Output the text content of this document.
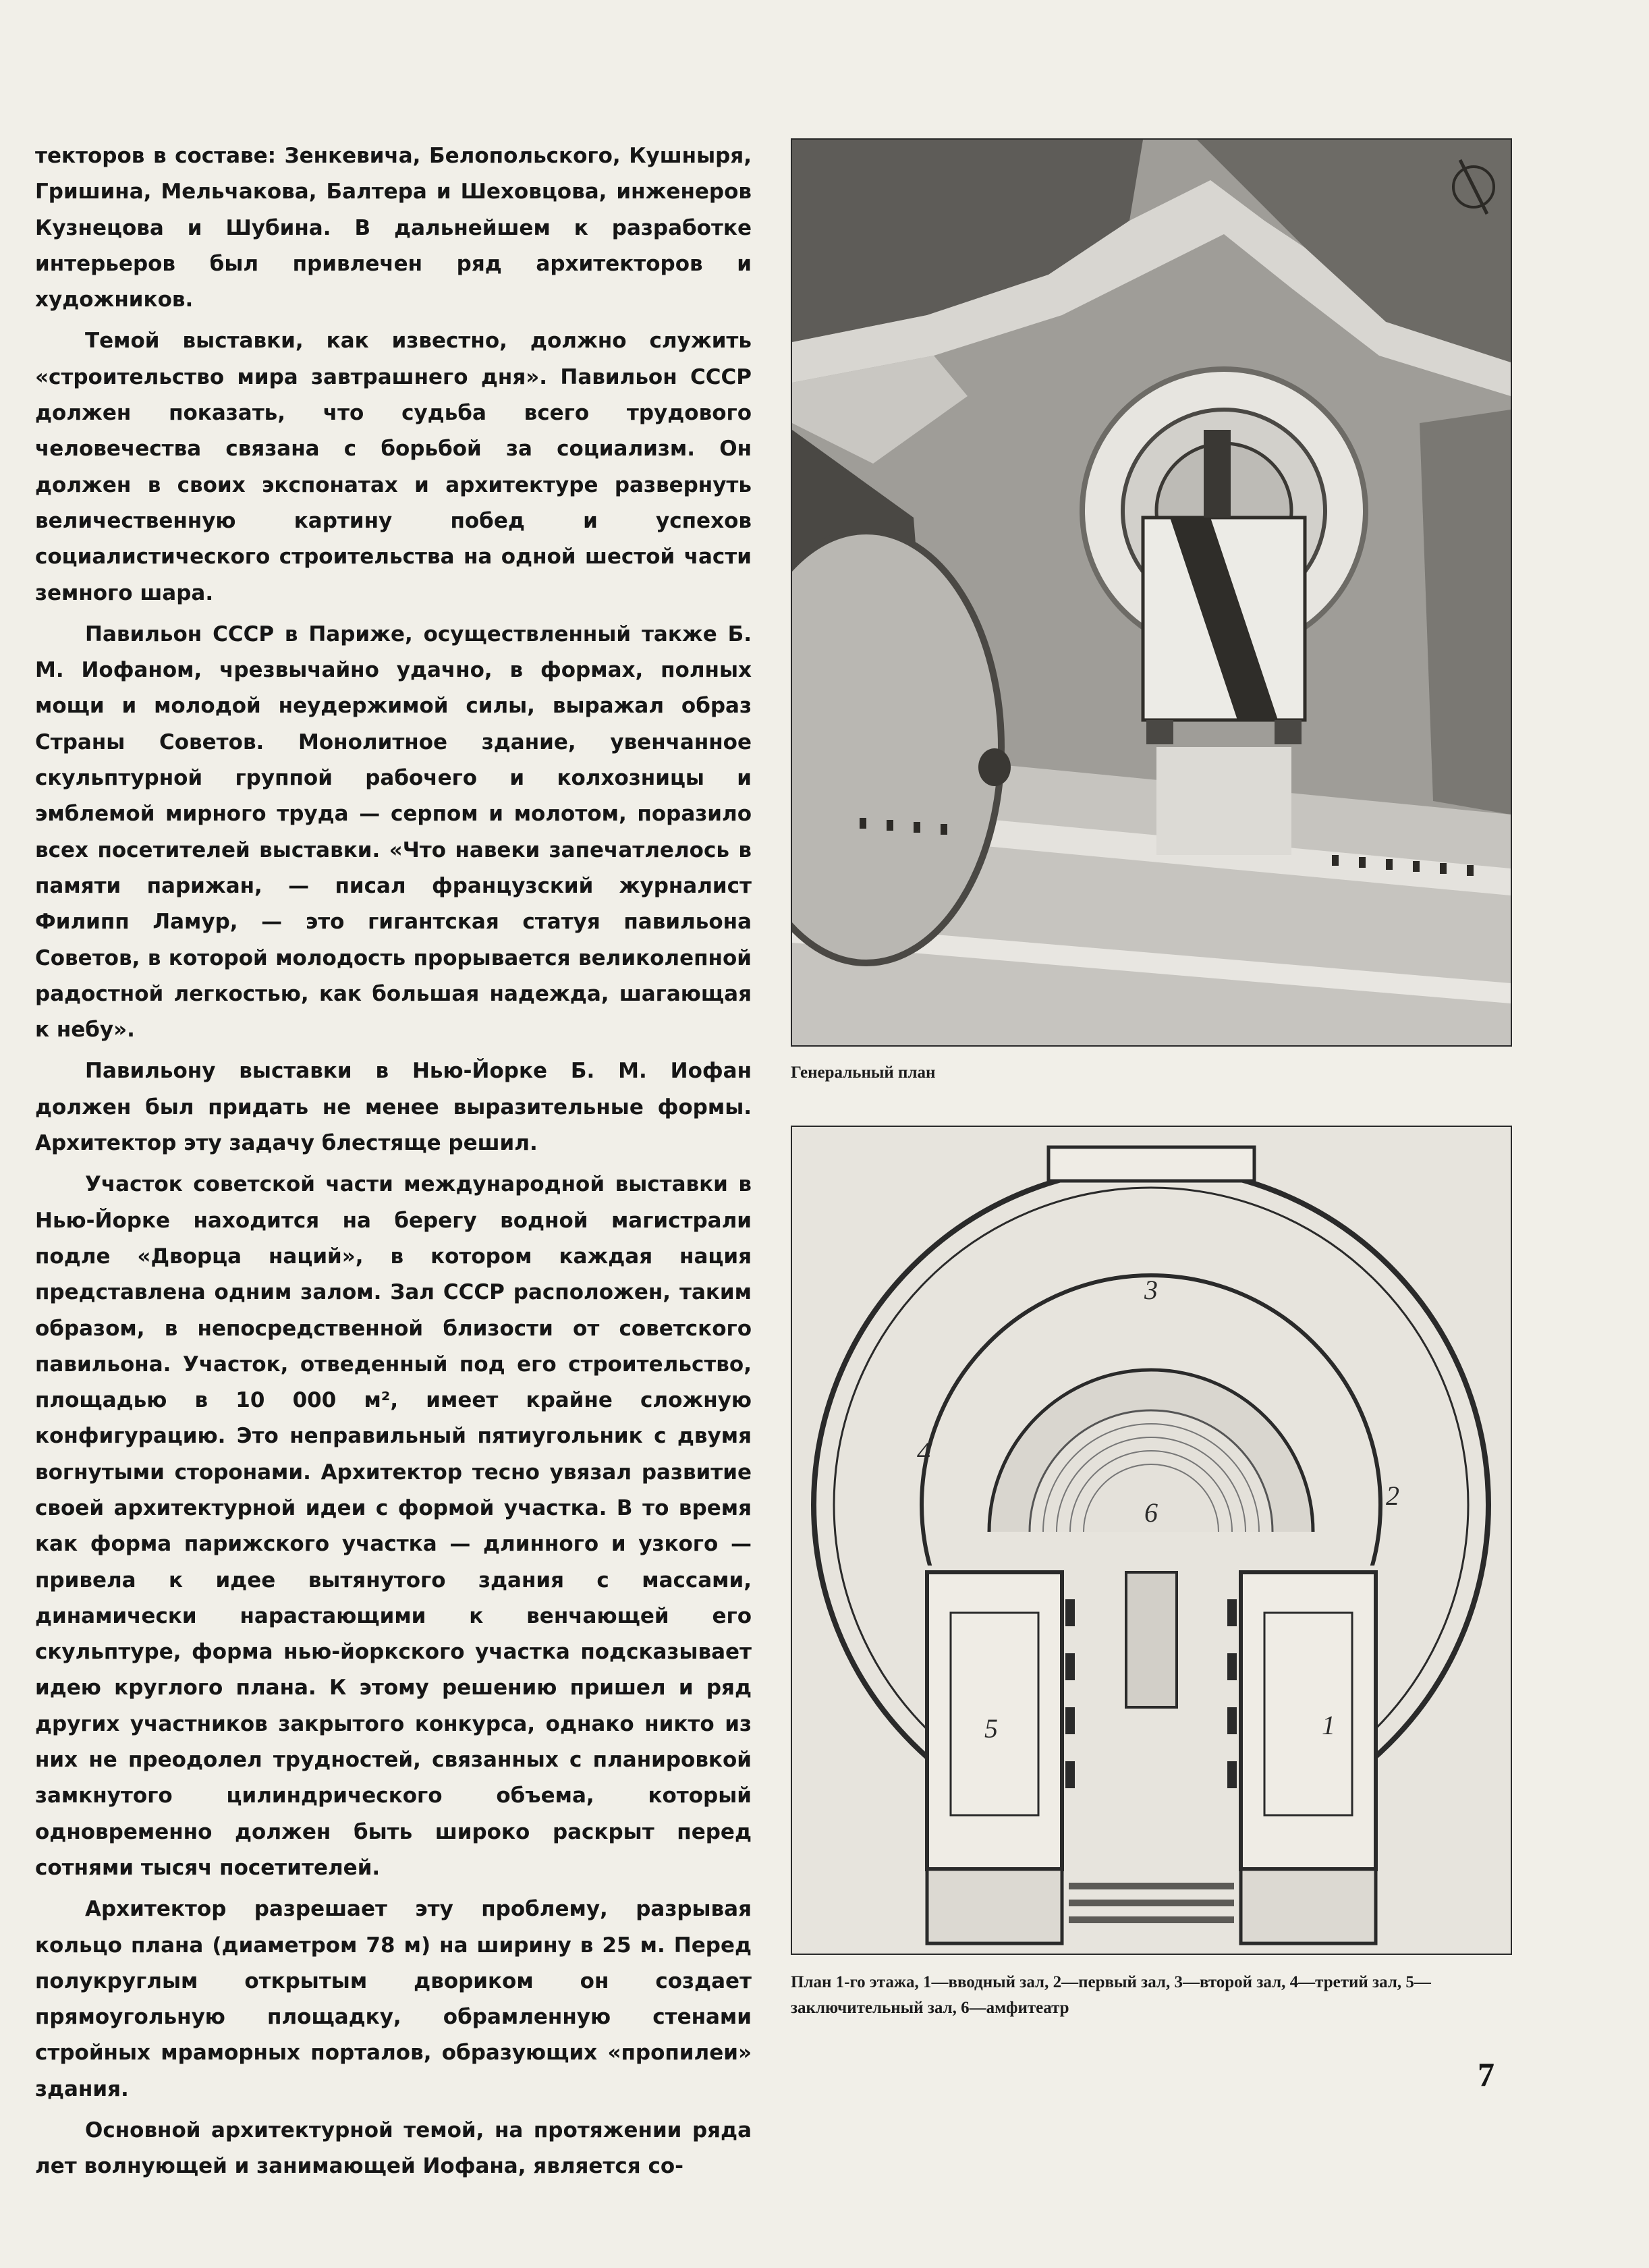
текторов в составе: Зенкевича, Белопольского, Кушныря, Гришина, Мельчакова, Балтера и Шеховцова, инженеров Кузнецова и Шубина. В дальнейшем к разработке интерьеров был привлечен ряд архитекторов и художников.

Темой выставки, как известно, должно служить «строительство мира завтрашнего дня». Павильон СССР должен показать, что судьба всего трудового человечества связана с борьбой за социализм. Он должен в своих экспонатах и архитектуре развернуть величественную картину побед и успехов социалистического строительства на одной шестой части земного шара.

Павильон СССР в Париже, осуществленный также Б. М. Иофаном, чрезвычайно удачно, в формах, полных мощи и молодой неудержимой силы, выражал образ Страны Советов. Монолитное здание, увенчанное скульптурной группой рабочего и колхозницы и эмблемой мирного труда — серпом и молотом, поразило всех посетителей выставки. «Что навеки запечатлелось в памяти парижан, — писал французский журналист Филипп Ламур, — это гигантская статуя павильона Советов, в которой молодость прорывается великолепной радостной легкостью, как большая надежда, шагающая к небу».

Павильону выставки в Нью-Йорке Б. М. Иофан должен был придать не менее выразительные формы. Архитектор эту задачу блестяще решил.

Участок советской части международной выставки в Нью-Йорке находится на берегу водной магистрали подле «Дворца наций», в котором каждая нация представлена одним залом. Зал СССР расположен, таким образом, в непосредственной близости от советского павильона. Участок, отведенный под его строительство, площадью в 10 000 м², имеет крайне сложную конфигурацию. Это неправильный пятиугольник с двумя вогнутыми сторонами. Архитектор тесно увязал развитие своей архитектурной идеи с формой участка. В то время как форма парижского участка — длинного и узкого — привела к идее вытянутого здания с массами, динамически нарастающими к венчающей его скульптуре, форма нью-йоркского участка подсказывает идею круглого плана. К этому решению пришел и ряд других участников закрытого конкурса, однако никто из них не преодолел трудностей, связанных с планировкой замкнутого цилиндрического объема, который одновременно должен быть широко раскрыт перед сотнями тысяч посетителей.

Архитектор разрешает эту проблему, разрывая кольцо плана (диаметром 78 м) на ширину в 25 м. Перед полукруглым открытым двориком он создает прямоугольную площадку, обрамленную стенами стройных мраморных порталов, образующих «пропилеи» здания.

Основной архитектурной темой, на протяжении ряда лет волнующей и занимающей Иофана, является со-

Генеральный план
1
2
3
4
5
6
План 1-го этажа, 1—вводный зал, 2—первый зал, 3—второй зал, 4—третий зал, 5—заключительный зал, 6—амфитеатр
7
